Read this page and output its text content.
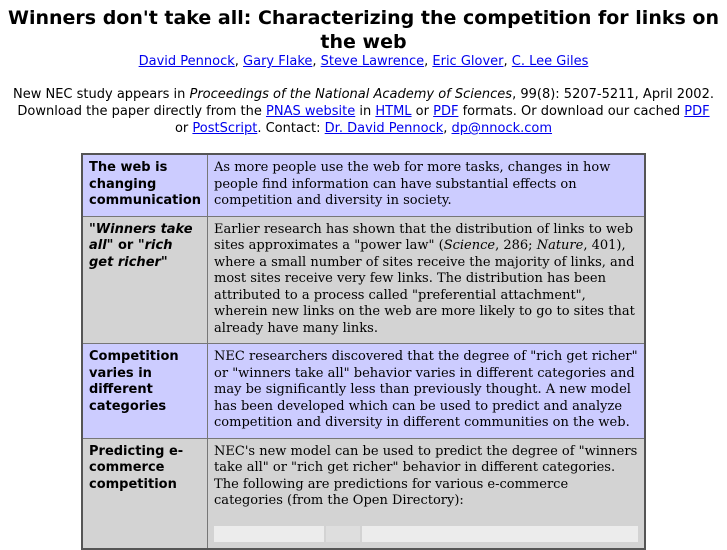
Winners don't take all: Characterizing the competition for links on the web
David Pennock, Gary Flake, Steve Lawrence, Eric Glover, C. Lee Giles
New NEC study appears in Proceedings of the National Academy of Sciences, 99(8): 5207-5211, April 2002. Download the paper directly from the PNAS website in HTML or PDF formats. Or download our cached PDF or PostScript. Contact: Dr. David Pennock, dp@nnock.com
The web is changing communication	As more people use the web for more tasks, changes in how people find information can have substantial effects on competition and diversity in society.
"Winners take all" or "rich get richer"	Earlier research has shown that the distribution of links to web sites approximates a "power law" (Science, 286; Nature, 401), where a small number of sites receive the majority of links, and most sites receive very few links. The distribution has been attributed to a process called "preferential attachment", wherein new links on the web are more likely to go to sites that already have many links.
Competition varies in different categories	NEC researchers discovered that the degree of "rich get richer" or "winners take all" behavior varies in different categories and may be significantly less than previously thought. A new model has been developed which can be used to predict and analyze competition and diversity in different communities on the web.
Predicting e-commerce competition	NEC's new model can be used to predict the degree of "winners take all" or "rich get richer" behavior in different categories. The following are predictions for various e-commerce categories (from the Open Directory):
